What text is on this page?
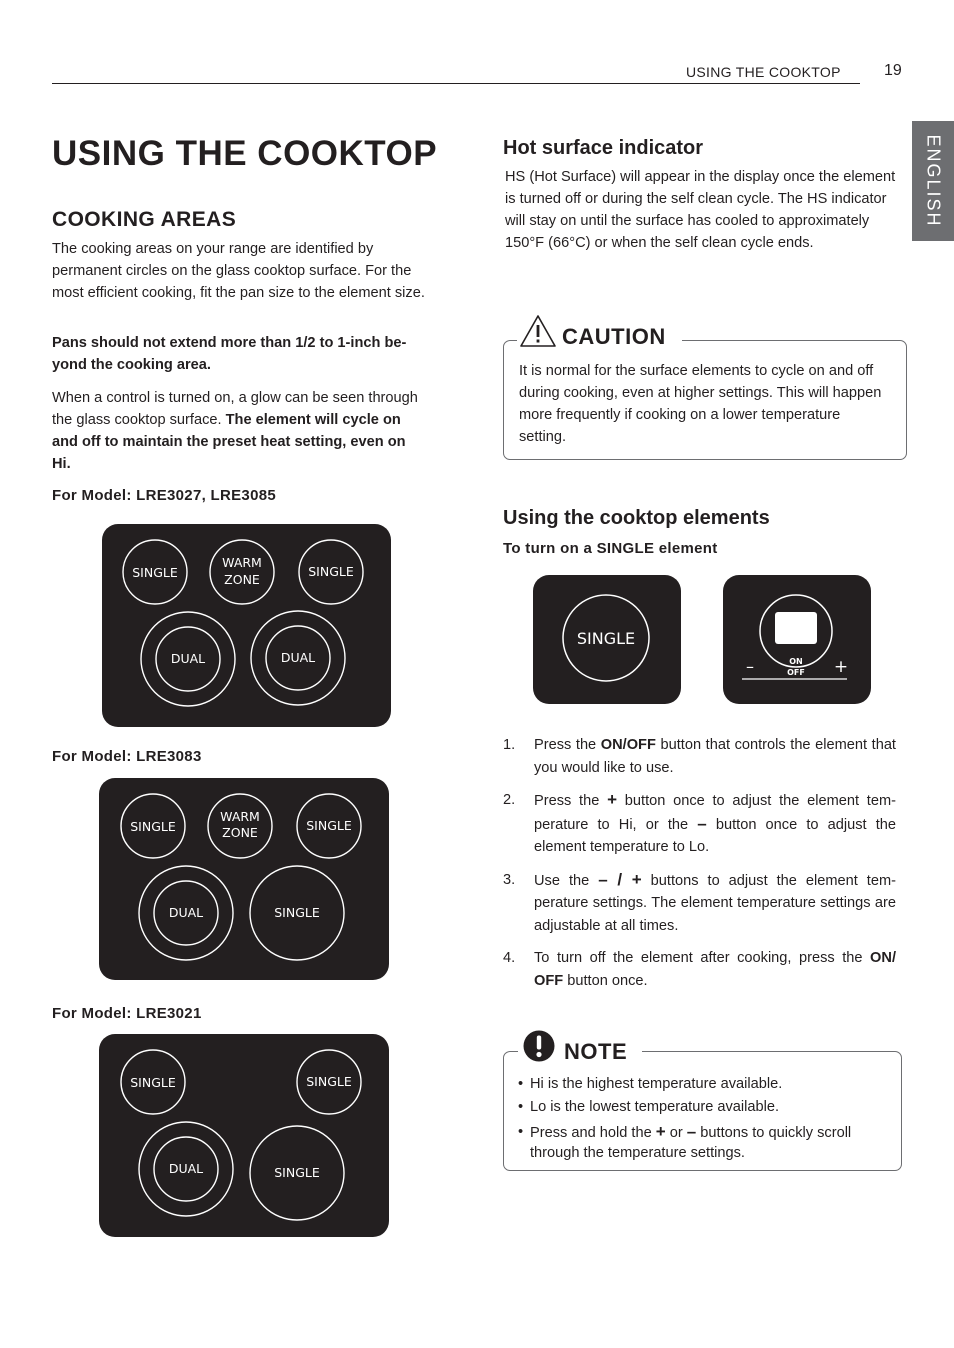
USING THE COOKTOP	19
ENGLISH
USING THE COOKTOP
COOKING AREAS
The cooking areas on your range are identified by permanent circles on the glass cooktop surface. For the most efficient cooking, fit the pan size to the element size.
Pans should not extend more than 1/2 to 1-inch be-
yond the cooking area.
When a control is turned on, a glow can be seen through
the glass cooktop surface. The element will cycle on
and off to maintain the preset heat setting, even on
Hi.
For Model: LRE3027, LRE3085
SINGLE
WARM
ZONE
SINGLE
DUAL	DUAL
For Model: LRE3083
SINGLE
WARM
ZONE	SINGLE
DUAL	SINGLE
For Model: LRE3021
SINGLE	SINGLE
DUAL	SINGLE
Hot surface indicator
HS (Hot Surface) will appear in the display once the element is turned off or during the self clean cycle. The HS indicator will stay on until the surface has cooled to approximately 150°F (66°C) or when the self clean cycle ends.
It is normal for the surface elements to cycle on and off during cooking, even at higher settings. This will happen more frequently if cooking on a lower temperature setting.
CAUTION
Using the cooktop elements
To turn on a SINGLE element
SINGLE
–	+
ON
OFF
1. Press the ON/OFF button that controls the element that you would like to use.
2. Press the + button once to adjust the element tem-perature to Hi, or the – button once to adjust the element temperature to Lo.
3. Use the – / + buttons to adjust the element tem-perature settings. The element temperature settings are adjustable at all times.
4. To turn off the element after cooking, press the ON/ OFF button once.
• Hi is the highest temperature available.
• Lo is the lowest temperature available.
• Press and hold the + or – buttons to quickly scroll through the temperature settings.
NOTE
